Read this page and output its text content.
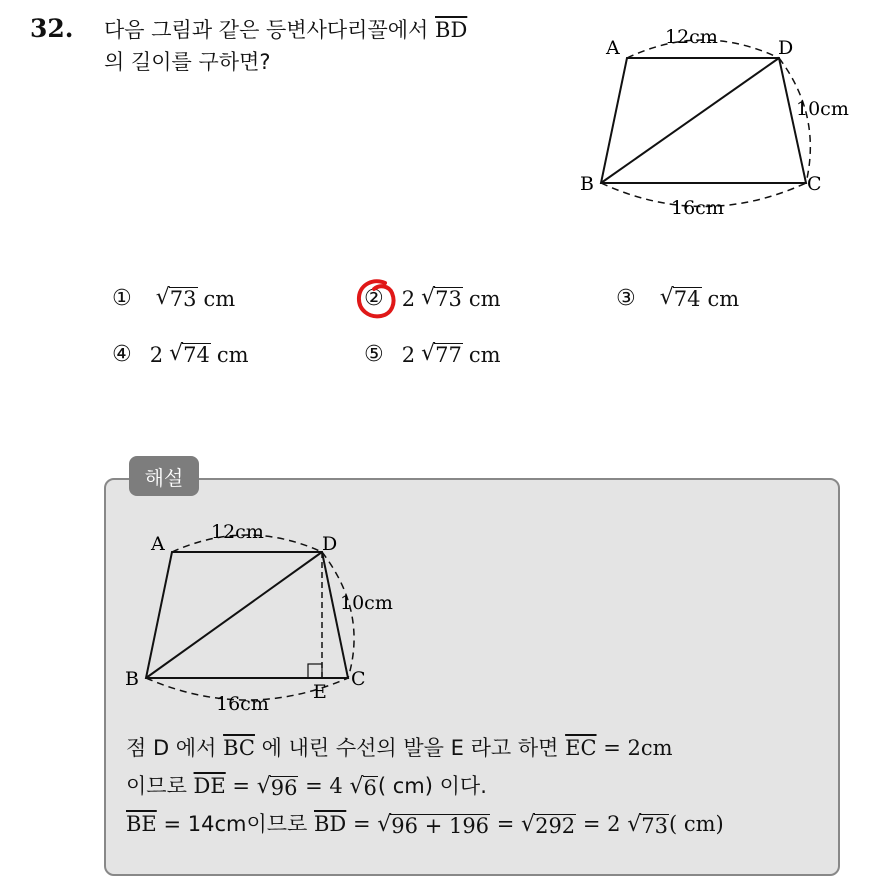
32. 다음 그림과 같은 등변사다리꼴에서 $\overline{BD}$
의 길이를 구하면?
A	D
B	C
12cm
10cm
16cm
① √ 73 cm	② 2 √ 73 cm	③ √ 74 cm
④ 2 √ 74 cm	⑤ 2 √ 77 cm
해설
A	D
B	C
E
12cm
10cm
16cm
점 D 에서 $\overline{BC}$ 에 내린 수선의 발을 E 라고 하면 $\overline{EC} = 2cm$
이므로 $\overline{DE}$ = √ 96 = 4 √ 6 ( cm) 이다.
$\overline{BE} = 14cm$이므로 $\overline{BD}$ = √ 96 + 196 = √ 292 = 2 √ 73 ( cm)
